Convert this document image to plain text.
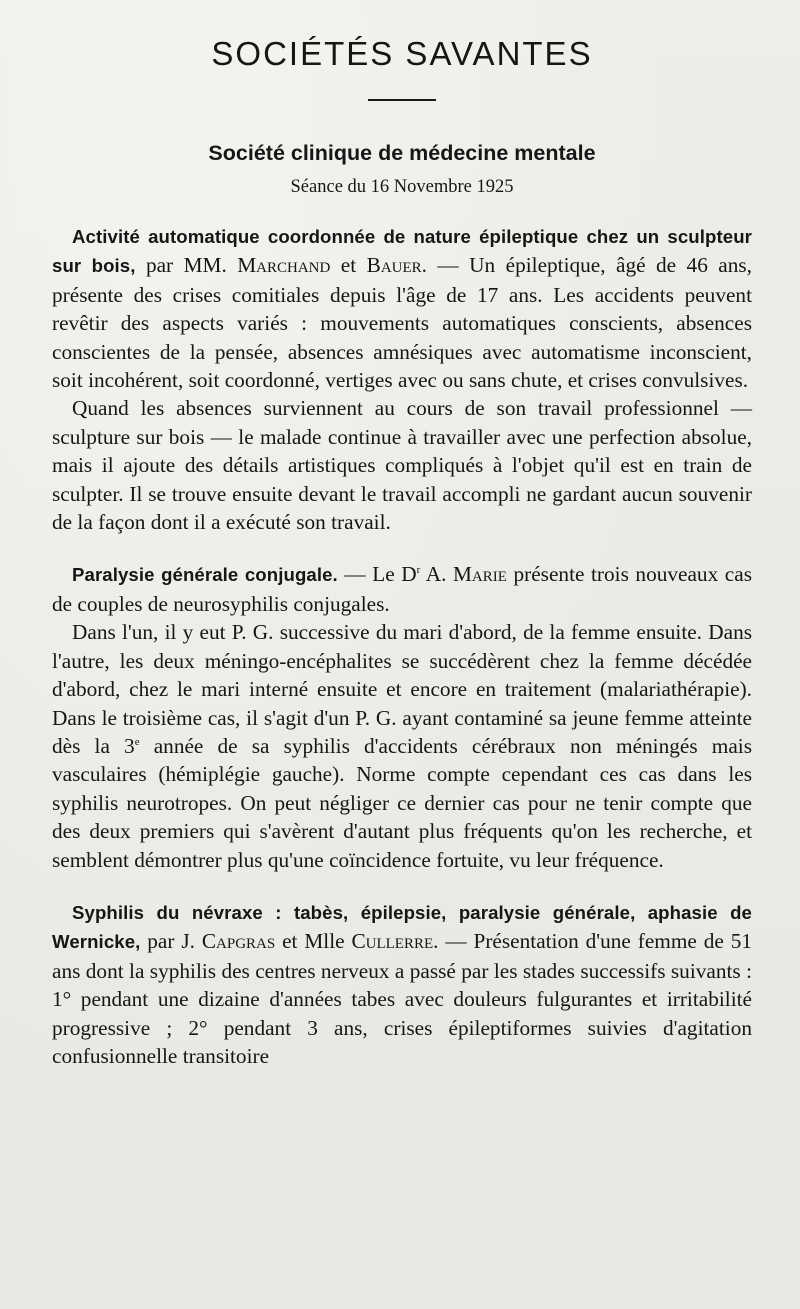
SOCIÉTÉS SAVANTES
Société clinique de médecine mentale
Séance du 16 Novembre 1925

Activité automatique coordonnée de nature épileptique chez un sculpteur sur bois, par MM. Marchand et Bauer. — Un épileptique, âgé de 46 ans, présente des crises comitiales depuis l'âge de 17 ans. Les accidents peuvent revêtir des aspects variés : mouvements automatiques conscients, absences conscientes de la pensée, absences amnésiques avec automatisme inconscient, soit incohérent, soit coordonné, vertiges avec ou sans chute, et crises convulsives.

Quand les absences surviennent au cours de son travail professionnel — sculpture sur bois — le malade continue à travailler avec une perfection absolue, mais il ajoute des détails artistiques compliqués à l'objet qu'il est en train de sculpter. Il se trouve ensuite devant le travail accompli ne gardant aucun souvenir de la façon dont il a exécuté son travail.

Paralysie générale conjugale. — Le $D^r$ A. Marie présente trois nouveaux cas de couples de neurosyphilis conjugales.

Dans l'un, il y eut P. G. successive du mari d'abord, de la femme ensuite. Dans l'autre, les deux méningo-encéphalites se succédèrent chez la femme décédée d'abord, chez le mari interné ensuite et encore en traitement (malariathérapie). Dans le troisième cas, il s'agit d'un P. G. ayant contaminé sa jeune femme atteinte dès la 3e année de sa syphilis d'accidents cérébraux non méningés mais vasculaires (hémiplégie gauche). Norme compte cependant ces cas dans les syphilis neurotropes. On peut négliger ce dernier cas pour ne tenir compte que des deux premiers qui s'avèrent d'autant plus fréquents qu'on les recherche, et semblent démontrer plus qu'une coïncidence fortuite, vu leur fréquence.

Syphilis du névraxe : tabès, épilepsie, paralysie générale, aphasie de Wernicke, par J. Capgras et Mlle Cullerre. — Présentation d'une femme de 51 ans dont la syphilis des centres nerveux a passé par les stades successifs suivants : 1° pendant une dizaine d'années tabes avec douleurs fulgurantes et irritabilité progressive ; 2° pendant 3 ans, crises épileptiformes suivies d'agitation confusionnelle transitoire
